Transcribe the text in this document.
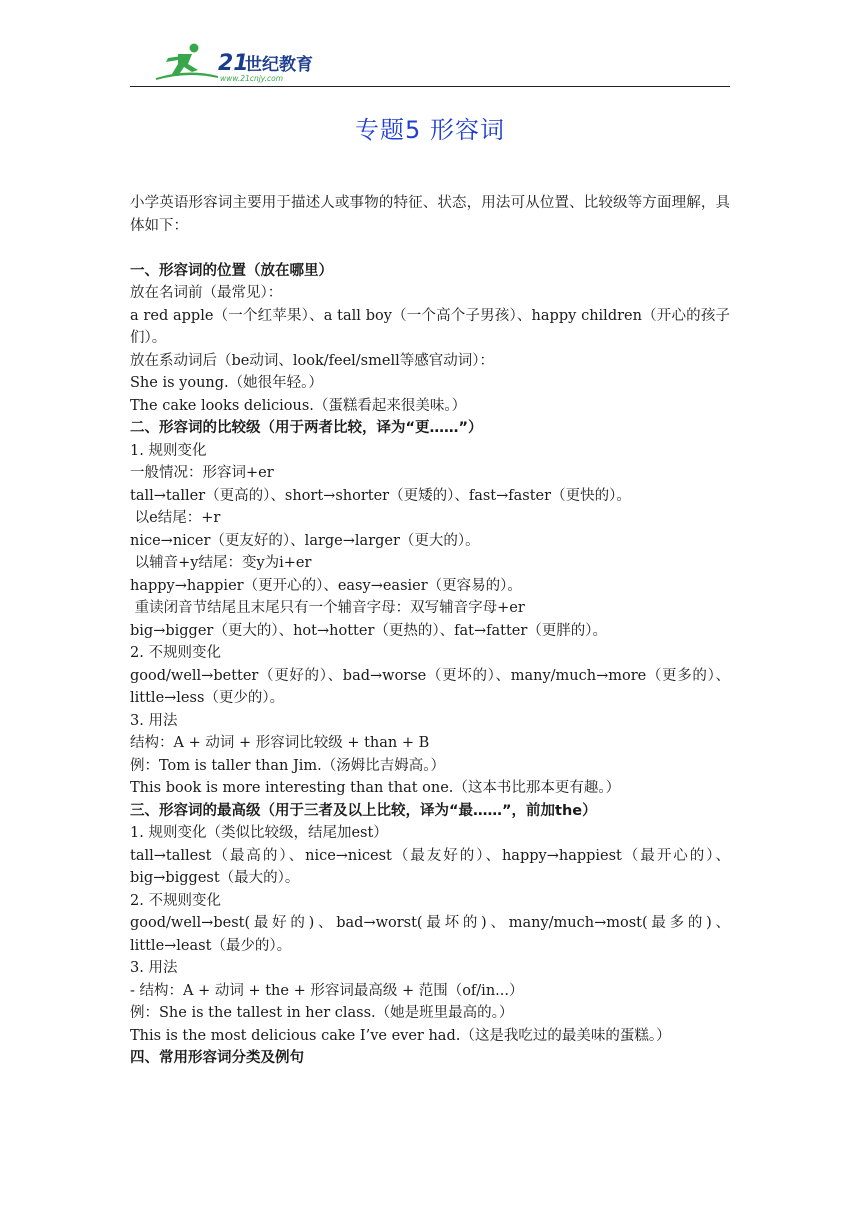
21
世纪教育
www.21cnjy.com
专题5 形容词
小学英语形容词主要用于描述人或事物的特征、状态，用法可从位置、比较级等方面理解，具体如下：
一、形容词的位置（放在哪里）
放在名词前（最常见）：
a red apple（一个红苹果）、a tall boy（一个高个子男孩）、happy children（开心的孩子们）。
放在系动词后（be动词、look/feel/smell等感官动词）：
She is young.（她很年轻。）
The cake looks delicious.（蛋糕看起来很美味。）
二、形容词的比较级（用于两者比较，译为“更……”）
1. 规则变化
一般情况：形容词+er
tall→taller（更高的）、short→shorter（更矮的）、fast→faster（更快的）。
以e结尾：+r
nice→nicer（更友好的）、large→larger（更大的）。
以辅音+y结尾：变y为i+er
happy→happier（更开心的）、easy→easier（更容易的）。
重读闭音节结尾且末尾只有一个辅音字母：双写辅音字母+er
big→bigger（更大的）、hot→hotter（更热的）、fat→fatter（更胖的）。
2. 不规则变化
good/well→better（更好的）、bad→worse（更坏的）、many/much→more（更多的）、little→less（更少的）。
3. 用法
结构：A + 动词 + 形容词比较级 + than + B
例：Tom is taller than Jim.（汤姆比吉姆高。）
This book is more interesting than that one.（这本书比那本更有趣。）
三、形容词的最高级（用于三者及以上比较，译为“最……”，前加the）
1. 规则变化（类似比较级，结尾加est）
tall→tallest（最高的）、nice→nicest（最友好的）、happy→happiest（最开心的）、big→biggest（最大的）。
2. 不规则变化
good/well→best(最好的)、bad→worst(最坏的)、many/much→most(最多的)、little→least（最少的）。
3. 用法
- 结构：A + 动词 + the + 形容词最高级 + 范围（of/in...）
例：She is the tallest in her class.（她是班里最高的。）
This is the most delicious cake I’ve ever had.（这是我吃过的最美味的蛋糕。）
四、常用形容词分类及例句
